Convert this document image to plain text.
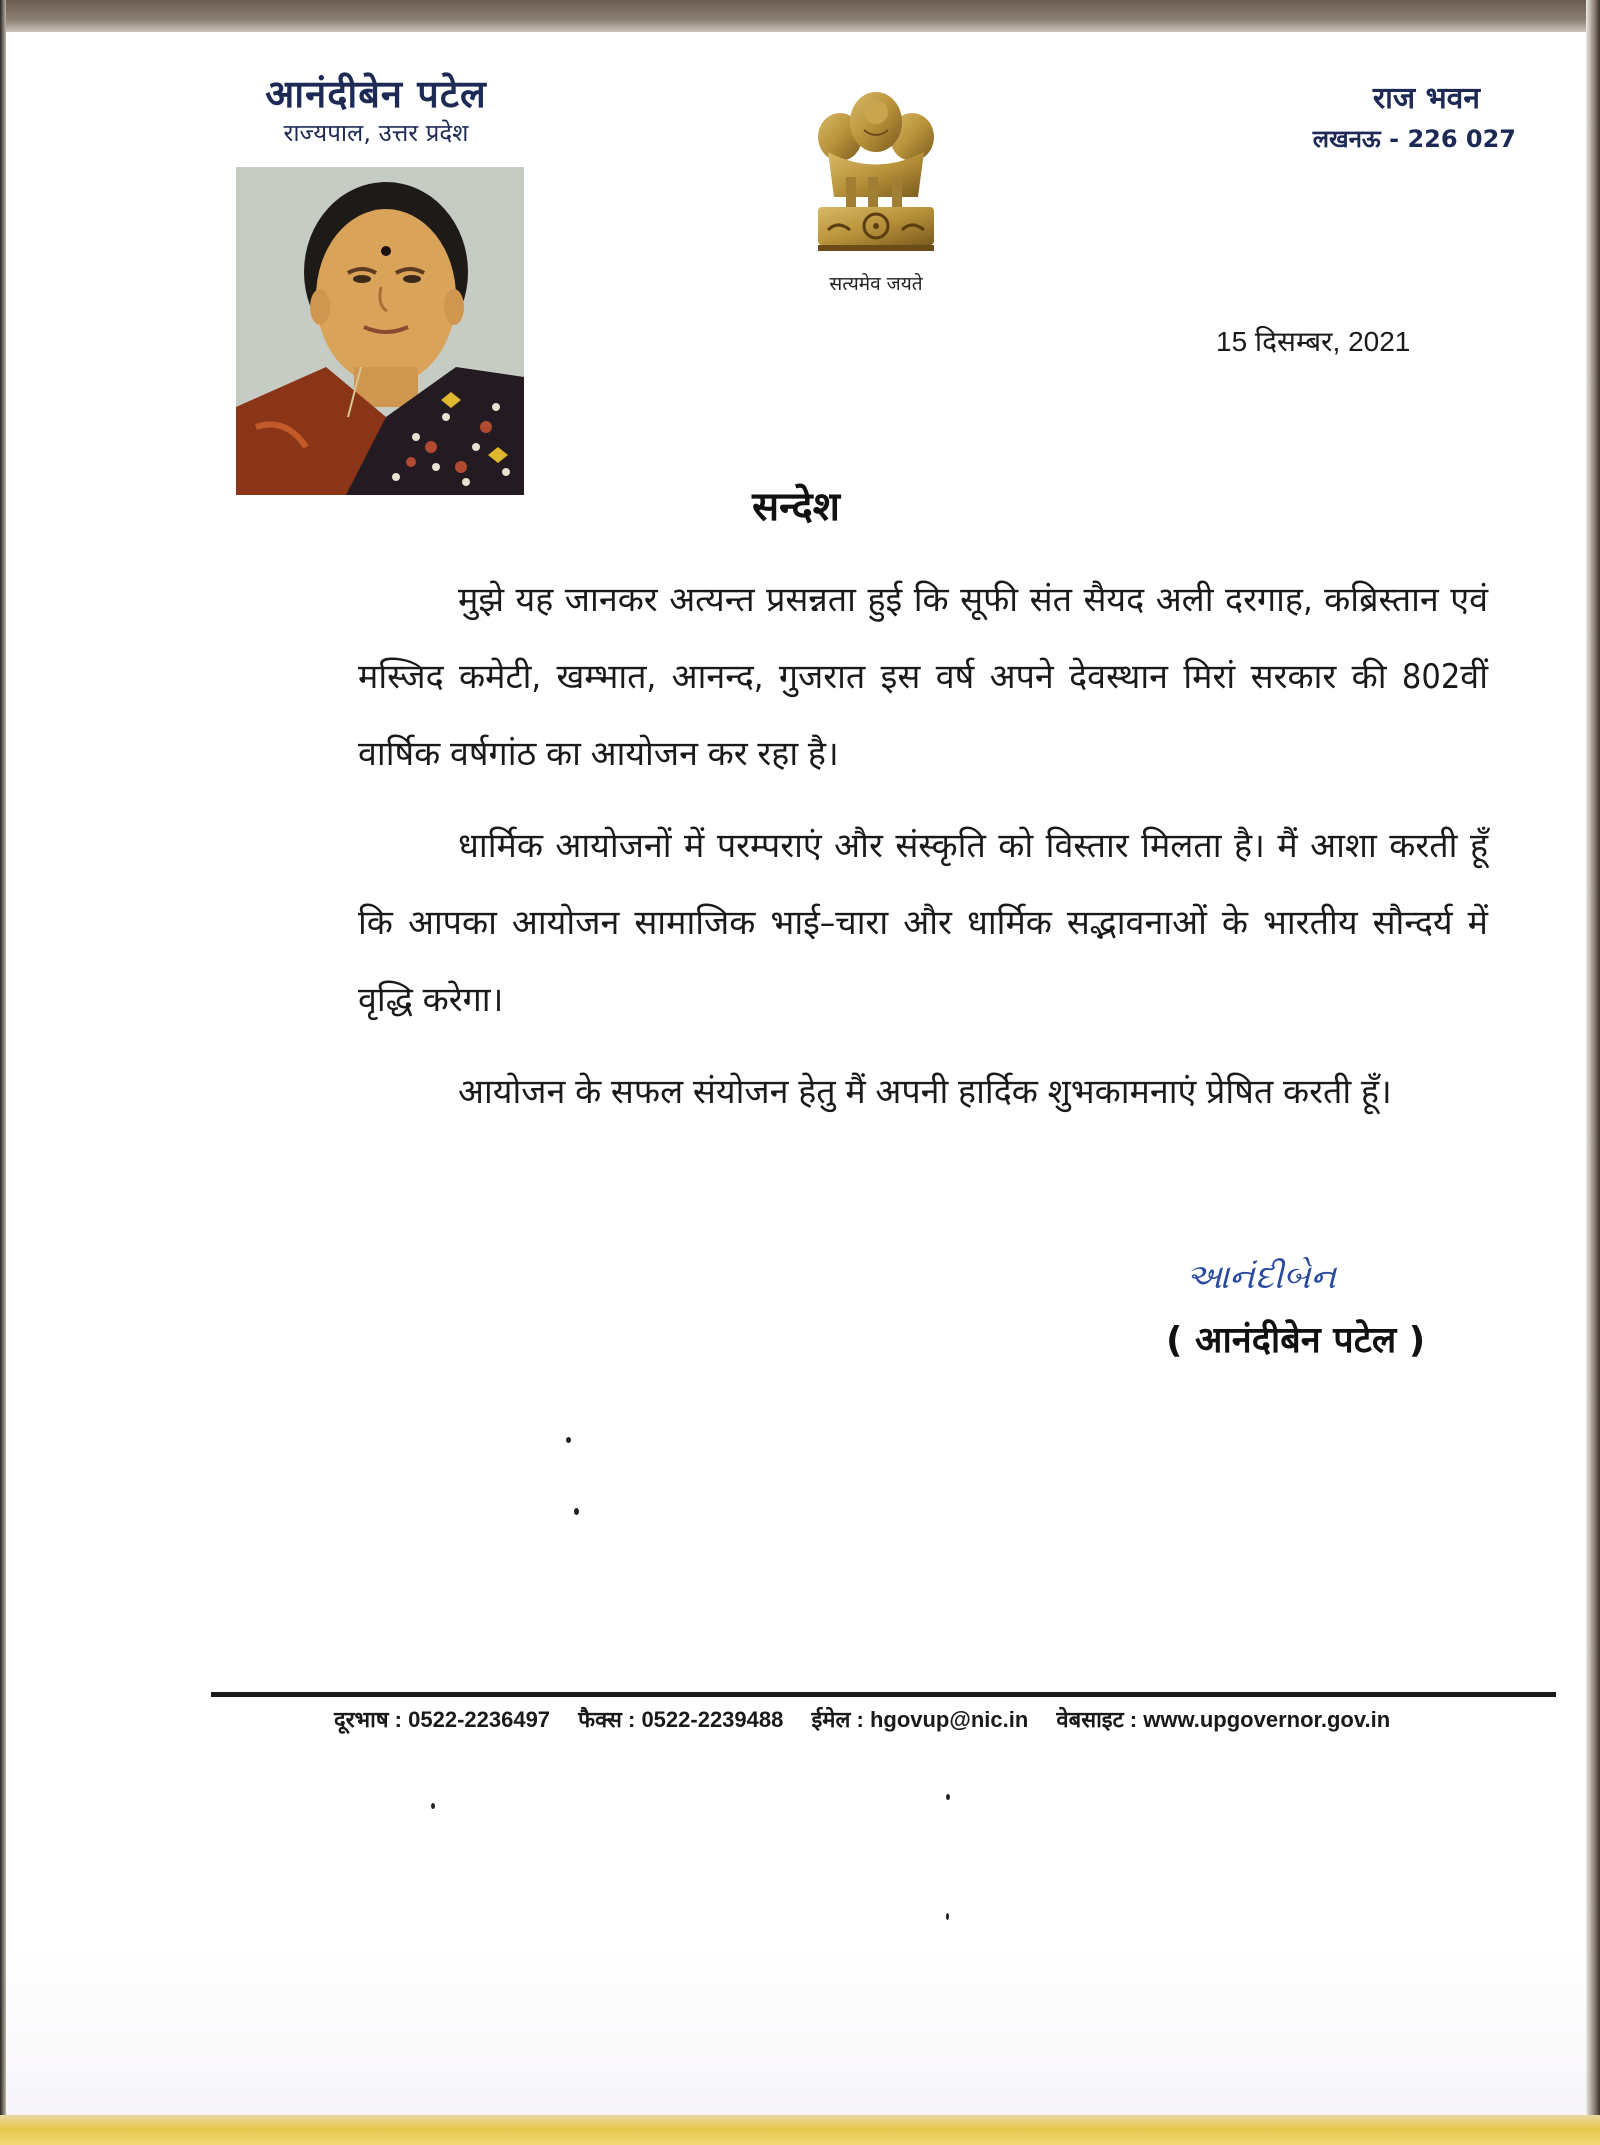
आनंदीबेन पटेल
राज्यपाल, उत्तर प्रदेश
सत्यमेव जयते
राज भवन
लखनऊ - 226 027
15 दिसम्बर, 2021
सन्देश

मुझे यह जानकर अत्यन्त प्रसन्नता हुई कि सूफी संत सैयद अली दरगाह, कब्रिस्तान एवं मस्जिद कमेटी, खम्भात, आनन्द, गुजरात इस वर्ष अपने देवस्थान मिरां सरकार की 802वीं वार्षिक वर्षगांठ का आयोजन कर रहा है।

धार्मिक आयोजनों में परम्पराएं और संस्कृति को विस्तार मिलता है। मैं आशा करती हूँ कि आपका आयोजन सामाजिक भाई–चारा और धार्मिक सद्भावनाओं के भारतीय सौन्दर्य में वृद्धि करेगा।

आयोजन के सफल संयोजन हेतु मैं अपनी हार्दिक शुभकामनाएं प्रेषित करती हूँ।

આનંદીબેન
( आनंदीबेन पटेल )
दूरभाष : 0522-2236497 फैक्स : 0522-2239488 ईमेल : hgovup@nic.in वेबसाइट : www.upgovernor.gov.in
